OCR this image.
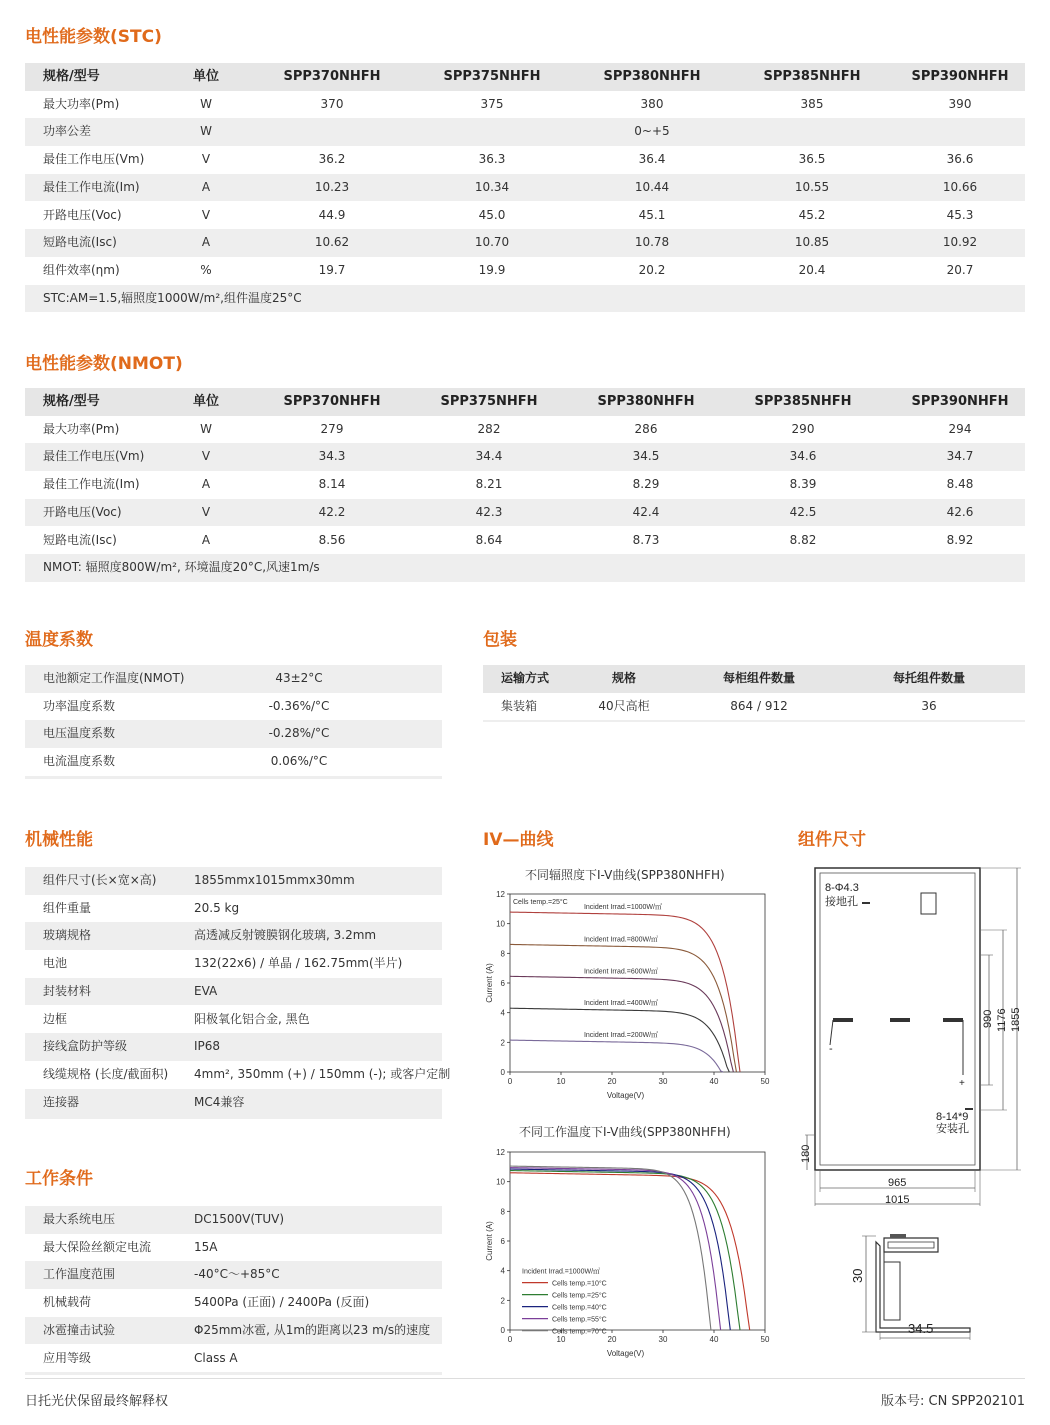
电性能参数(STC)
规格/型号	单位	SPP370NHFH	SPP375NHFH	SPP380NHFH	SPP385NHFH	SPP390NHFH
最大功率(Pm)	W	370	375	380	385	390
功率公差	W	0~+5
最佳工作电压(Vm)	V	36.2	36.3	36.4	36.5	36.6
最佳工作电流(Im)	A	10.23	10.34	10.44	10.55	10.66
开路电压(Voc)	V	44.9	45.0	45.1	45.2	45.3
短路电流(Isc)	A	10.62	10.70	10.78	10.85	10.92
组件效率(ηm)	%	19.7	19.9	20.2	20.4	20.7
STC:AM=1.5,辐照度1000W/m²,组件温度25°C
电性能参数(NMOT)
规格/型号	单位	SPP370NHFH	SPP375NHFH	SPP380NHFH	SPP385NHFH	SPP390NHFH
最大功率(Pm)	W	279	282	286	290	294
最佳工作电压(Vm)	V	34.3	34.4	34.5	34.6	34.7
最佳工作电流(Im)	A	8.14	8.21	8.29	8.39	8.48
开路电压(Voc)	V	42.2	42.3	42.4	42.5	42.6
短路电流(Isc)	A	8.56	8.64	8.73	8.82	8.92
NMOT: 辐照度800W/m², 环境温度20°C,风速1m/s
温度系数
电池额定工作温度(NMOT)	43±2°C
功率温度系数	-0.36%/°C
电压温度系数	-0.28%/°C
电流温度系数	0.06%/°C
包装
运输方式	规格	每柜组件数量	每托组件数量
集装箱	40尺高柜	864 / 912	36
机械性能
组件尺寸(长×宽×高)	1855mmx1015mmx30mm
组件重量	20.5 kg
玻璃规格	高透减反射镀膜钢化玻璃, 3.2mm
电池	132(22x6) / 单晶 / 162.75mm(半片)
封装材料	EVA
边框	阳极氧化铝合金, 黑色
接线盒防护等级	IP68
线缆规格 (长度/截面积) 4mm², 350mm (+) / 150mm (-); 或客户定制
连接器	MC4兼容
工作条件
最大系统电压	DC1500V(TUV)
最大保险丝额定电流	15A
工作温度范围	-40°C～+85°C
机械载荷	5400Pa (正面) / 2400Pa (反面)
冰雹撞击试验	Φ25mm冰雹, 从1m的距离以23 m/s的速度
应用等级	Class A
IV—曲线
不同辐照度下I-V曲线(SPP380NHFH)
0
2
4
6
8
10
12
0	10	20	30	40	50
Current (A)
Voltage(V)
Incident Irrad.=1000W/㎡
Incident Irrad.=800W/㎡
Incident Irrad.=600W/㎡
Incident Irrad.=400W/㎡
Incident Irrad.=200W/㎡
Cells temp.=25°C
不同工作温度下I-V曲线(SPP380NHFH)
0
2
4
6
8
10
12
0	10	20	30	40	50
Current (A)
Voltage(V)
Incident Irrad.=1000W/㎡
Cells temp.=10°C
Cells temp.=25°C
Cells temp.=40°C
Cells temp.=55°C
Cells temp.=70°C
组件尺寸
8-Φ4.3
接地孔
8-14*9
安装孔
-
+
990 1176 1855
180
965
1015
30
34.5
日托光伏保留最终解释权	版本号: CN SPP202101
